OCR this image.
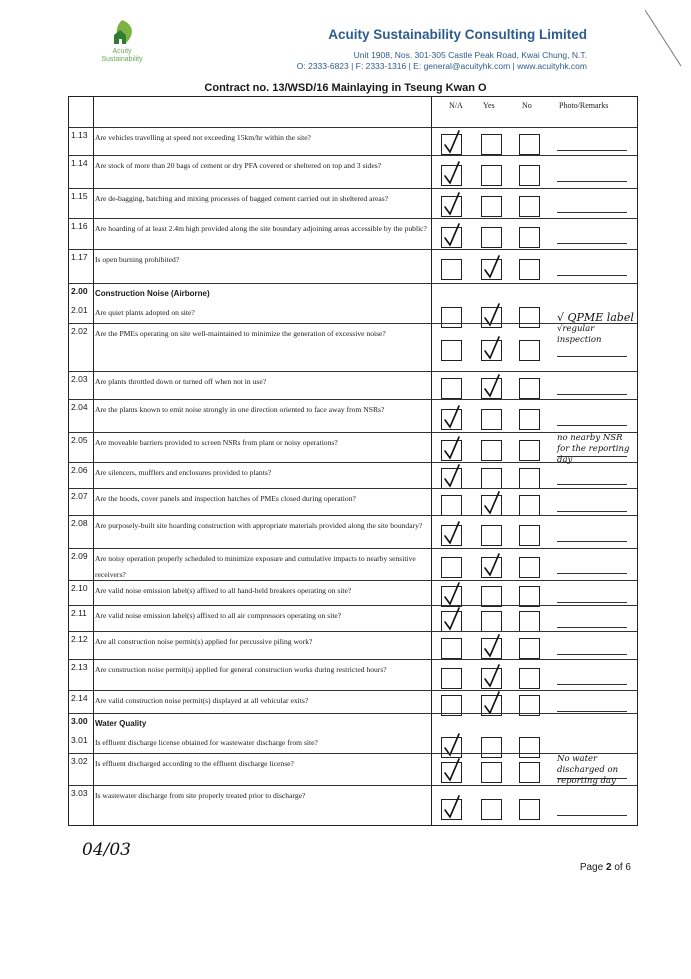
Acuity
Sustainability
Acuity Sustainability Consulting Limited
Unit 1908, Nos. 301-305 Castle Peak Road, Kwai Chung, N.T.
O: 2333-6823 | F: 2333-1316 | E: general@acuityhk.com | www.acuityhk.com
Contract no. 13/WSD/16 Mainlaying in Tseung Kwan O
N/A	Yes	No	Photo/Remarks
1.13 Are vehicles travelling at speed not exceeding 15km/hr within the site?
1.14 Are stock of more than 20 bags of cement or dry PFA covered or sheltered on top and 3 sides?
1.15 Are de-bagging, batching and mixing processes of bagged cement carried out in sheltered areas?
1.16 Are hoarding of at least 2.4m high provided along the site boundary adjoining areas accessible by the public?
1.17 Is open burning prohibited?
2.00 Construction Noise (Airborne)
2.01 Are quiet plants adopted on site?	√ QPME label
2.02 Are the PMEs operating on site well-maintained to minimize the generation of excessive noise?	√regular inspection
2.03 Are plants throttled down or turned off when not in use?
2.04 Are the plants known to emit noise strongly in one direction oriented to face away from NSRs?
2.05 Are moveable barriers provided to screen NSRs from plant or noisy operations?	no nearby NSR for the reporting day
2.06 Are silencers, mufflers and enclosures provided to plants?
2.07 Are the hoods, cover panels and inspection hatches of PMEs closed during operation?
2.08 Are purposely-built site hoarding construction with appropriate materials provided along the site boundary?
2.09 Are noisy operation properly scheduled to minimize exposure and cumulative impacts to nearby sensitive receivers?
2.10 Are valid noise emission label(s) affixed to all hand-held breakers operating on site?
2.11 Are valid noise emission label(s) affixed to all air compressors operating on site?
2.12 Are all construction noise permit(s) applied for percussive piling work?
2.13 Are construction noise permit(s) applied for general construction works during restricted hours?
2.14 Are valid construction noise permit(s) displayed at all vehicular exits?
3.00 Water Quality
3.01 Is effluent discharge license obtained for wastewater discharge from site?
3.02 Is effluent discharged according to the effluent discharge license?	No water discharged on reporting day
3.03 Is wastewater discharge from site properly treated prior to discharge?
04/03
Page 2 of 6
